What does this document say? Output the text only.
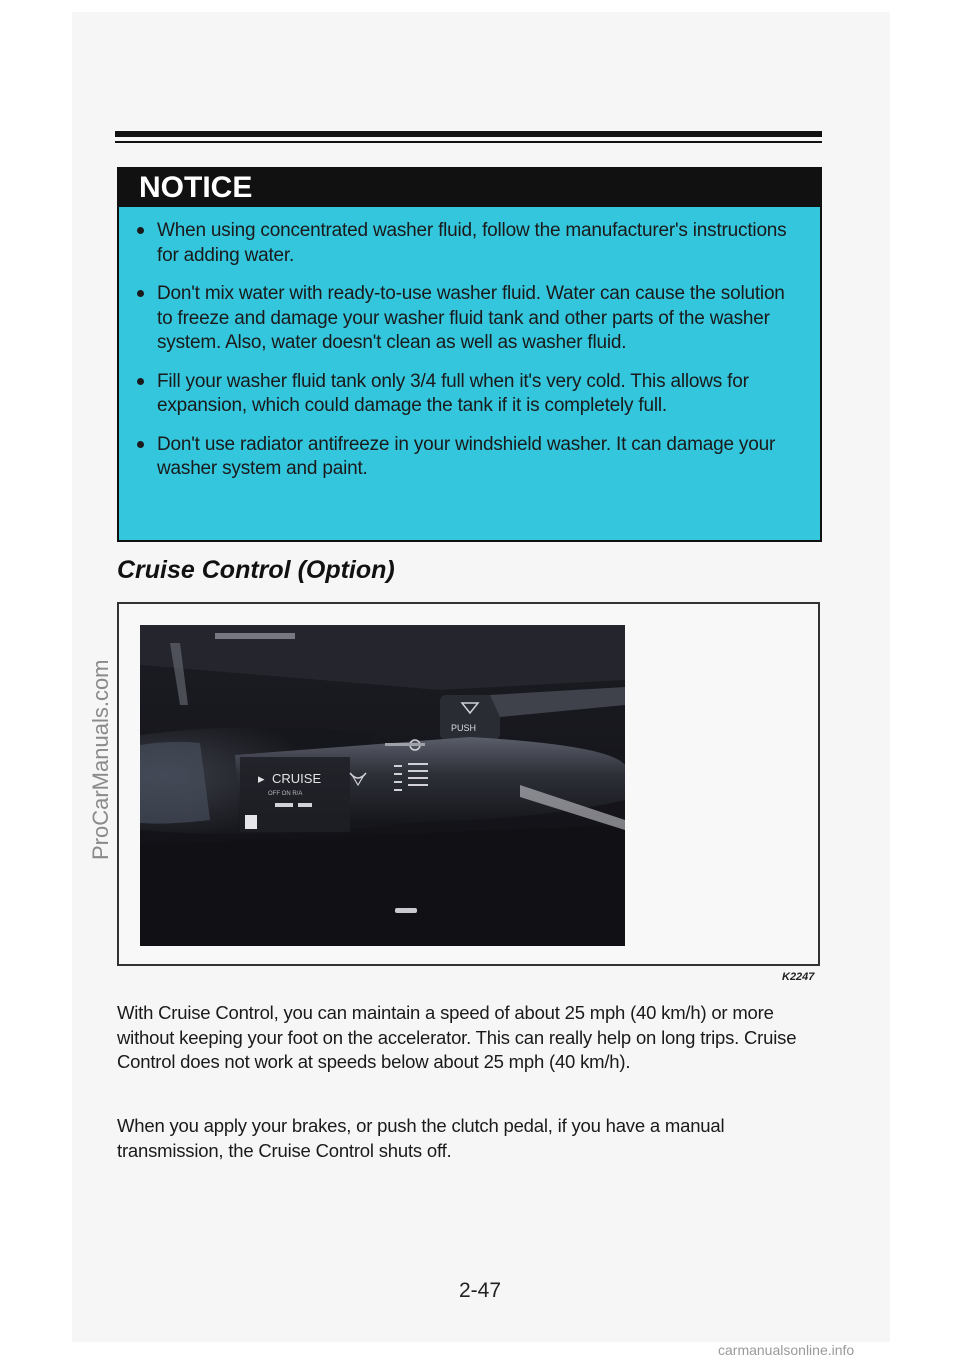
NOTICE
When using concentrated washer fluid, follow the manufacturer's instructions for adding water.
Don't mix water with ready-to-use washer fluid. Water can cause the solution to freeze and damage your washer fluid tank and other parts of the washer system. Also, water doesn't clean as well as washer fluid.
Fill your washer fluid tank only 3/4 full when it's very cold. This allows for expansion, which could damage the tank if it is completely full.
Don't use radiator antifreeze in your windshield washer. It can damage your washer system and paint.
Cruise Control (Option)
PUSH
▸ CRUISE
OFF ON R/A
K2247

With Cruise Control, you can maintain a speed of about 25 mph (40 km/h) or more without keeping your foot on the accelerator. This can really help on long trips. Cruise Control does not work at speeds below about 25 mph (40 km/h).

When you apply your brakes, or push the clutch pedal, if you have a manual transmission, the Cruise Control shuts off.

2-47
ProCarManuals.com
carmanualsonline.info
